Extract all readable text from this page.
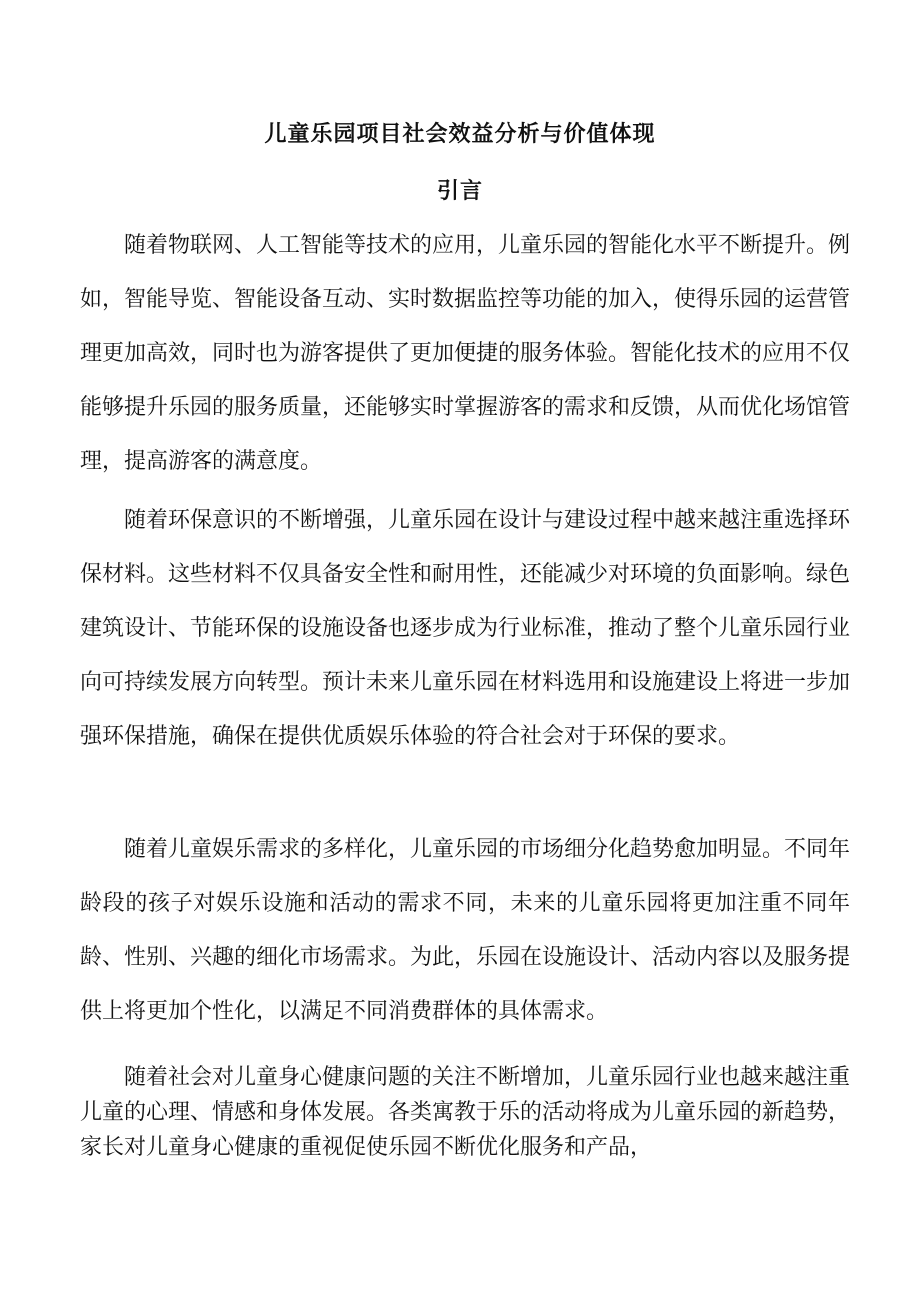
儿童乐园项目社会效益分析与价值体现
引言

随着物联网、人工智能等技术的应用，儿童乐园的智能化水平不断提升。例如，智能导览、智能设备互动、实时数据监控等功能的加入，使得乐园的运营管理更加高效，同时也为游客提供了更加便捷的服务体验。智能化技术的应用不仅能够提升乐园的服务质量，还能够实时掌握游客的需求和反馈，从而优化场馆管理，提高游客的满意度。

随着环保意识的不断增强，儿童乐园在设计与建设过程中越来越注重选择环保材料。这些材料不仅具备安全性和耐用性，还能减少对环境的负面影响。绿色建筑设计、节能环保的设施设备也逐步成为行业标准，推动了整个儿童乐园行业向可持续发展方向转型。预计未来儿童乐园在材料选用和设施建设上将进一步加强环保措施，确保在提供优质娱乐体验的符合社会对于环保的要求。

随着儿童娱乐需求的多样化，儿童乐园的市场细分化趋势愈加明显。不同年龄段的孩子对娱乐设施和活动的需求不同，未来的儿童乐园将更加注重不同年龄、性别、兴趣的细化市场需求。为此，乐园在设施设计、活动内容以及服务提供上将更加个性化，以满足不同消费群体的具体需求。

随着社会对儿童身心健康问题的关注不断增加，儿童乐园行业也越来越注重儿童的心理、情感和身体发展。各类寓教于乐的活动将成为儿童乐园的新趋势，家长对儿童身心健康的重视促使乐园不断优化服务和产品，
